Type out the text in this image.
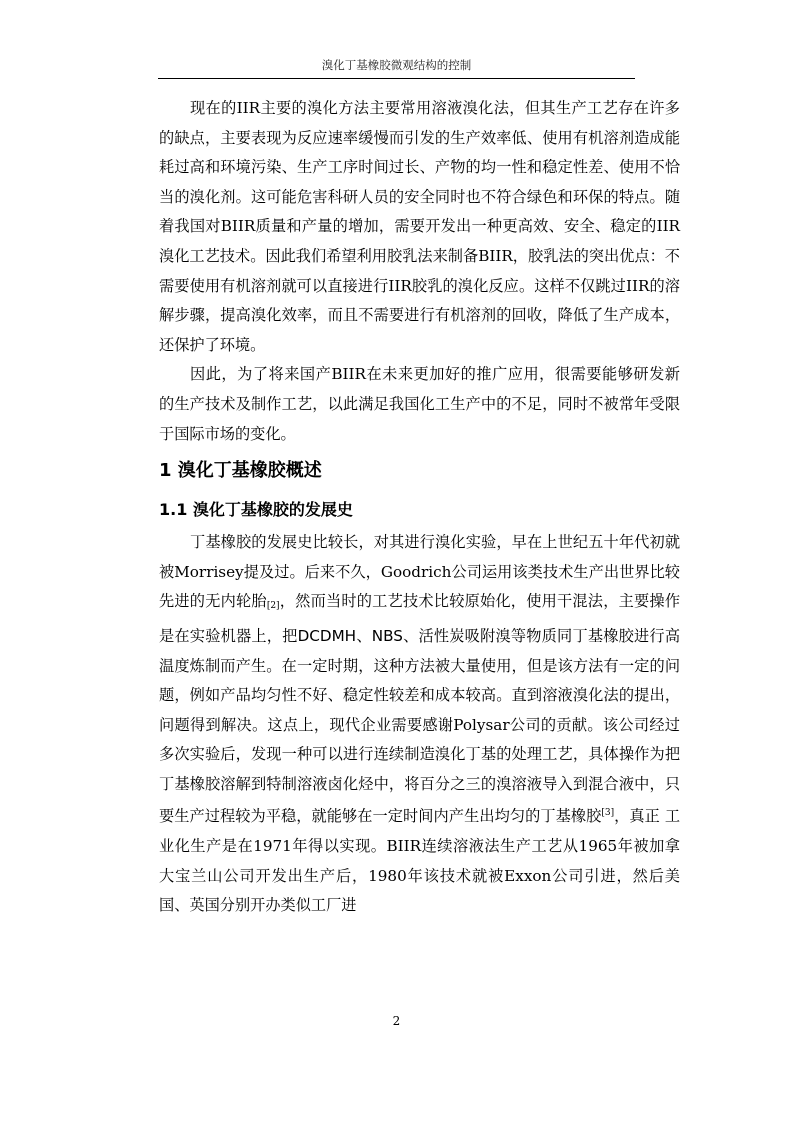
溴化丁基橡胶微观结构的控制

现在的IIR主要的溴化方法主要常用溶液溴化法，但其生产工艺存在许多的缺点，主要表现为反应速率缓慢而引发的生产效率低、使用有机溶剂造成能耗过高和环境污染、生产工序时间过长、产物的均一性和稳定性差、使用不恰当的溴化剂。这可能危害科研人员的安全同时也不符合绿色和环保的特点。随着我国对BIIR质量和产量的增加，需要开发出一种更高效、安全、稳定的IIR溴化工艺技术。因此我们希望利用胶乳法来制备BIIR，胶乳法的突出优点：不需要使用有机溶剂就可以直接进行IIR胶乳的溴化反应。这样不仅跳过IIR的溶解步骤，提高溴化效率，而且不需要进行有机溶剂的回收，降低了生产成本，还保护了环境。

因此，为了将来国产BIIR在未来更加好的推广应用，很需要能够研发新的生产技术及制作工艺，以此满足我国化工生产中的不足，同时不被常年受限于国际市场的变化。

1 溴化丁基橡胶概述
1.1 溴化丁基橡胶的发展史

丁基橡胶的发展史比较长，对其进行溴化实验，早在上世纪五十年代初就被Morrisey提及过。后来不久，Goodrich公司运用该类技术生产出世界比较先进的无内轮胎$_{[2]}$，然而当时的工艺技术比较原始化，使用干混法，主要操作是在实验机器上，把DCDMH、NBS、活性炭吸附溴等物质同丁基橡胶进行高温度炼制而产生。在一定时期，这种方法被大量使用，但是该方法有一定的问题，例如产品均匀性不好、稳定性较差和成本较高。直到溶液溴化法的提出，问题得到解决。这点上，现代企业需要感谢Polysar公司的贡献。该公司经过多次实验后，发现一种可以进行连续制造溴化丁基的处理工艺，具体操作为把丁基橡胶溶解到特制溶液卤化烃中，将百分之三的溴溶液导入到混合液中，只要生产过程较为平稳，就能够在一定时间内产生出均匀的丁基橡胶[3]，真正 工业化生产是在1971年得以实现。BIIR连续溶液法生产工艺从1965年被加拿大宝兰山公司开发出生产后，1980年该技术就被Exxon公司引进，然后美国、英国分别开办类似工厂进

2
